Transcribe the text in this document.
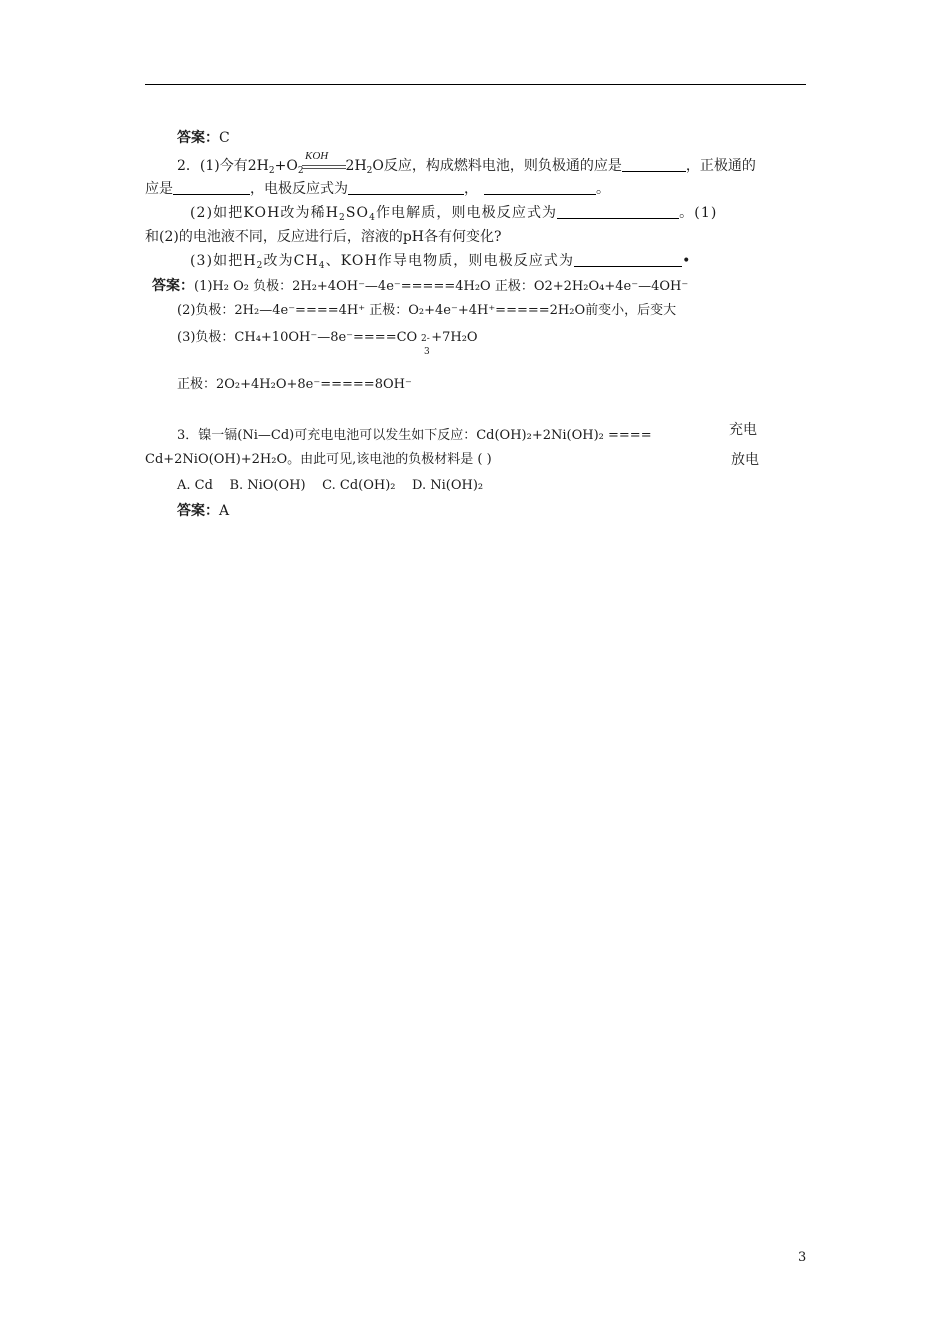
答案：C
2．(1)今有$2H_2+O_2$	$2H_2O$反应，构成燃料电池，则负极通的应是	，正极通的
KOH
应是	，电极反应式为	，	。
(2)如把KOH改为稀$H_2SO_4$作电解质，则电极反应式为	。(1)
和(2)的电池液不同，反应进行后，溶液的pH各有何变化?
(3)如把$H_2$改为$CH_4$、KOH作导电物质，则电极反应式为	•
答案：(1)H₂ O₂ 负极：2H₂+4OH⁻—4e⁻=====4H₂O 正极：O2+2H₂O₄+4e⁻—4OH⁻
(2)负极：2H₂—4e⁻====4H⁺ 正极：O₂+4e⁻+4H⁺=====2H₂O前变小，后变大
(3)负极：CH₄+10OH⁻—8e⁻====CO +7H₂O
2-
3
正极：2O₂+4H₂O+8e⁻=====8OH⁻
3．镍一镉(Ni—Cd)可充电电池可以发生如下反应：Cd(OH)₂+2Ni(OH)₂ ====	充电
Cd+2NiO(OH)+2H₂O。由此可见,该电池的负极材料是 ( )	放电
A. Cd    B. NiO(OH)    C. Cd(OH)₂    D. Ni(OH)₂
答案：A
3
